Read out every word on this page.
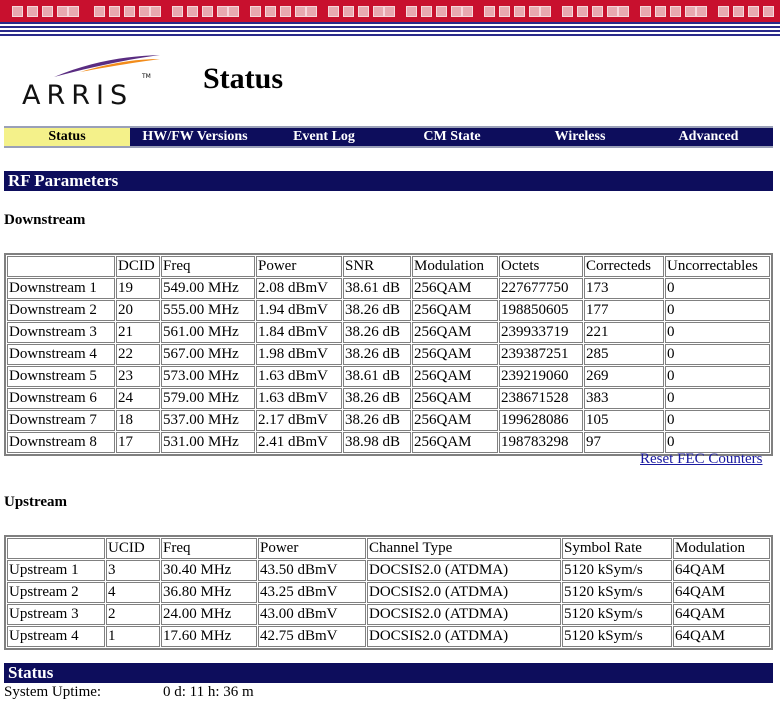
ARRIS
TM Status
Status	HW/FW Versions	Event Log	CM State	Wireless	Advanced
RF Parameters
Downstream
	DCID	Freq	Power	SNR	Modulation	Octets	Correcteds	Uncorrectables
Downstream 1	19	549.00 MHz	2.08 dBmV	38.61 dB	256QAM	227677750	173	0
Downstream 2	20	555.00 MHz	1.94 dBmV	38.26 dB	256QAM	198850605	177	0
Downstream 3	21	561.00 MHz	1.84 dBmV	38.26 dB	256QAM	239933719	221	0
Downstream 4	22	567.00 MHz	1.98 dBmV	38.26 dB	256QAM	239387251	285	0
Downstream 5	23	573.00 MHz	1.63 dBmV	38.61 dB	256QAM	239219060	269	0
Downstream 6	24	579.00 MHz	1.63 dBmV	38.26 dB	256QAM	238671528	383	0
Downstream 7	18	537.00 MHz	2.17 dBmV	38.26 dB	256QAM	199628086	105	0
Downstream 8	17	531.00 MHz	2.41 dBmV	38.98 dB	256QAM	198783298	97	0
Reset FEC Counters
Upstream
	UCID	Freq	Power	Channel Type	Symbol Rate	Modulation
Upstream 1	3	30.40 MHz	43.50 dBmV	DOCSIS2.0 (ATDMA)	5120 kSym/s	64QAM
Upstream 2	4	36.80 MHz	43.25 dBmV	DOCSIS2.0 (ATDMA)	5120 kSym/s	64QAM
Upstream 3	2	24.00 MHz	43.00 dBmV	DOCSIS2.0 (ATDMA)	5120 kSym/s	64QAM
Upstream 4	1	17.60 MHz	42.75 dBmV	DOCSIS2.0 (ATDMA)	5120 kSym/s	64QAM
Status
System Uptime:	0 d: 11 h: 36 m
